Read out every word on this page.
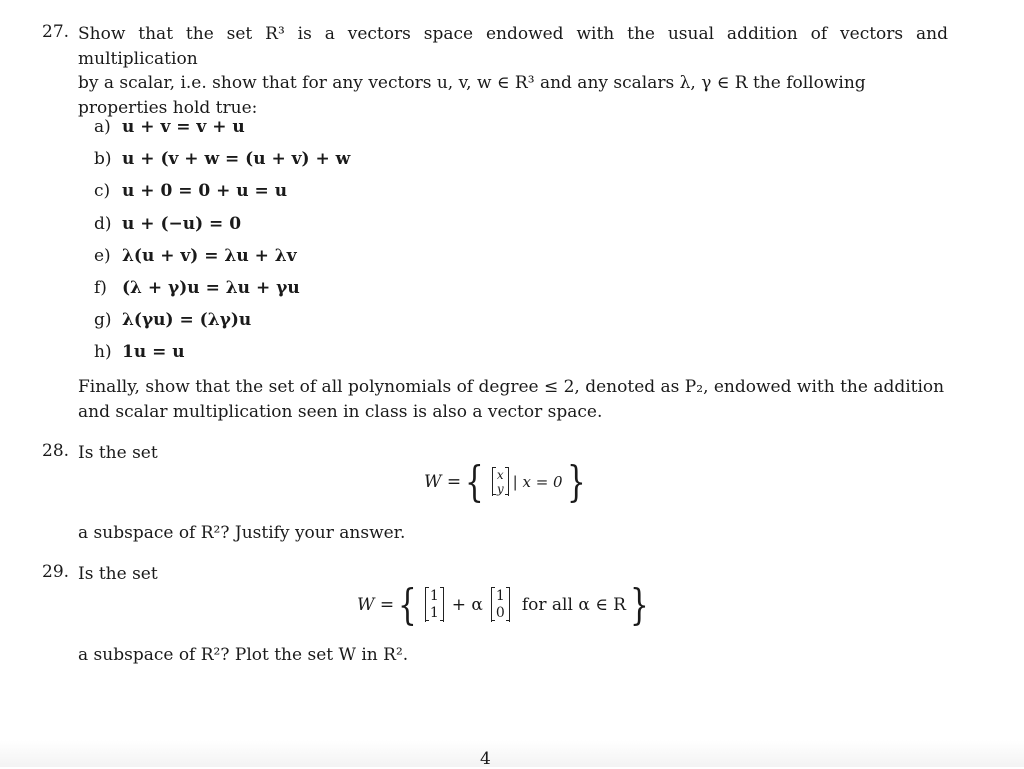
27. Show that the set R³ is a vectors space endowed with the usual addition of vectors and multiplication
by a scalar, i.e. show that for any vectors u, v, w ∈ R³ and any scalars λ, γ ∈ R the following
properties hold true:
a) u + v = v + u
b) u + (v + w = (u + v) + w
c) u + 0 = 0 + u = u
d) u + (−u) = 0
e) λ(u + v) = λu + λv
f) (λ + γ)u = λu + γu
g) λ(γu) = (λγ)u
h) 1u = u
Finally, show that the set of all polynomials of degree ≤ 2, denoted as P₂, endowed with the addition
and scalar multiplication seen in class is also a vector space.
28. Is the set
W = { x
y | x = 0 }
a subspace of R²? Justify your answer.
29. Is the set
W = { 1
1 + α 1
0 for all α ∈ R }
a subspace of R²? Plot the set W in R².
4
